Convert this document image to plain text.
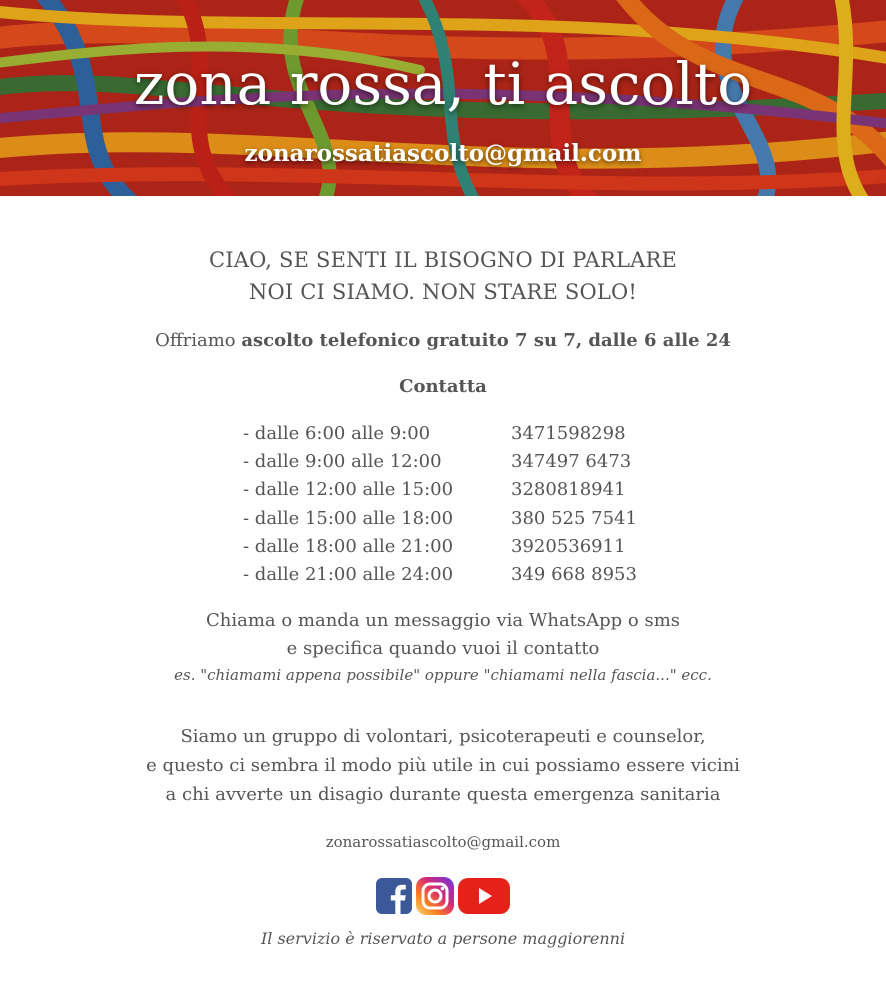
zona rossa, ti ascolto
zonarossatiascolto@gmail.com
CIAO, SE SENTI IL BISOGNO DI PARLARE
NOI CI SIAMO. NON STARE SOLO!
Offriamo ascolto telefonico gratuito 7 su 7, dalle 6 alle 24
Contatta
- dalle 6:00 alle 9:00	3471598298
- dalle 9:00 alle 12:00	347497 6473
- dalle 12:00 alle 15:00	3280818941
- dalle 15:00 alle 18:00	380 525 7541
- dalle 18:00 alle 21:00	3920536911
- dalle 21:00 alle 24:00	349 668 8953
Chiama o manda un messaggio via WhatsApp o sms
e specifica quando vuoi il contatto
es. "chiamami appena possibile" oppure "chiamami nella fascia..." ecc.
Siamo un gruppo di volontari, psicoterapeuti e counselor,
e questo ci sembra il modo più utile in cui possiamo essere vicini
a chi avverte un disagio durante questa emergenza sanitaria
zonarossatiascolto@gmail.com
Il servizio è riservato a persone maggiorenni
